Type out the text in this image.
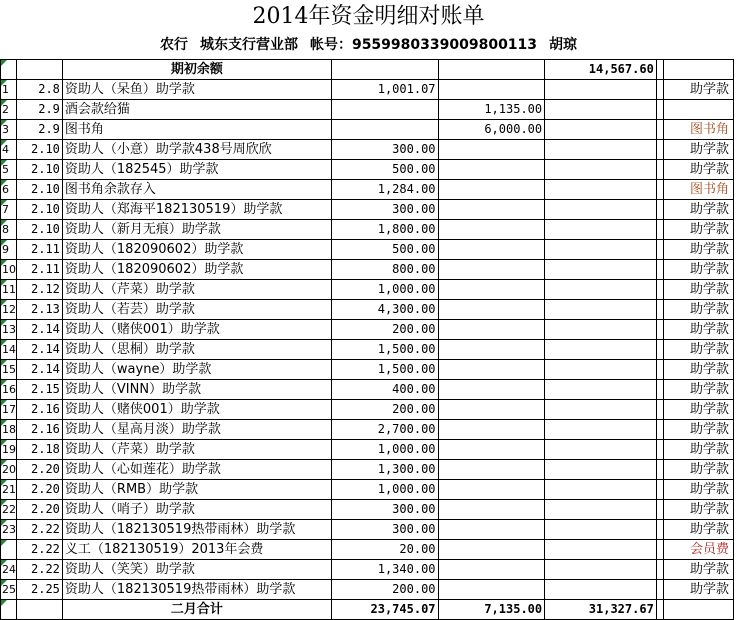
2014年资金明细对账单
农行 城东支行营业部 帐号：9559980339009800113 胡琼
		期初余额			14,567.60		

1	2.8	资助人（呆鱼）助学款	1,001.07				助学款

2	2.9	酒会款给猫		1,135.00			

3	2.9	图书角		6,000.00			图书角

4	2.10	资助人（小意）助学款438号周欣欣	300.00				助学款

5	2.10	资助人（182545）助学款	500.00				助学款

6	2.10	图书角余款存入	1,284.00				图书角

7	2.10	资助人（郑海平182130519）助学款	300.00				助学款

8	2.10	资助人（新月无痕）助学款	1,800.00				助学款

9	2.11	资助人（182090602）助学款	500.00				助学款

10	2.11	资助人（182090602）助学款	800.00				助学款

11	2.12	资助人（芹菜）助学款	1,000.00				助学款

12	2.13	资助人（若芸）助学款	4,300.00				助学款

13	2.14	资助人（赌侠001）助学款	200.00				助学款

14	2.14	资助人（思桐）助学款	1,500.00				助学款

15	2.14	资助人（wayne）助学款	1,500.00				助学款

16	2.15	资助人（VINN）助学款	400.00				助学款

17	2.16	资助人（赌侠001）助学款	200.00				助学款

18	2.16	资助人（星高月淡）助学款	2,700.00				助学款

19	2.18	资助人（芹菜）助学款	1,000.00				助学款

20	2.20	资助人（心如莲花）助学款	1,300.00				助学款

21	2.20	资助人（RMB）助学款	1,000.00				助学款

22	2.20	资助人（哨子）助学款	300.00				助学款

23	2.22	资助人（182130519热带雨林）助学款	300.00				助学款

	2.22	义工（182130519）2013年会费	20.00				会员费

24	2.22	资助人（笑笑）助学款	1,340.00				助学款

25	2.25	资助人（182130519热带雨林）助学款	200.00				助学款

		二月合计	23,745.07	7,135.00	31,327.67		
